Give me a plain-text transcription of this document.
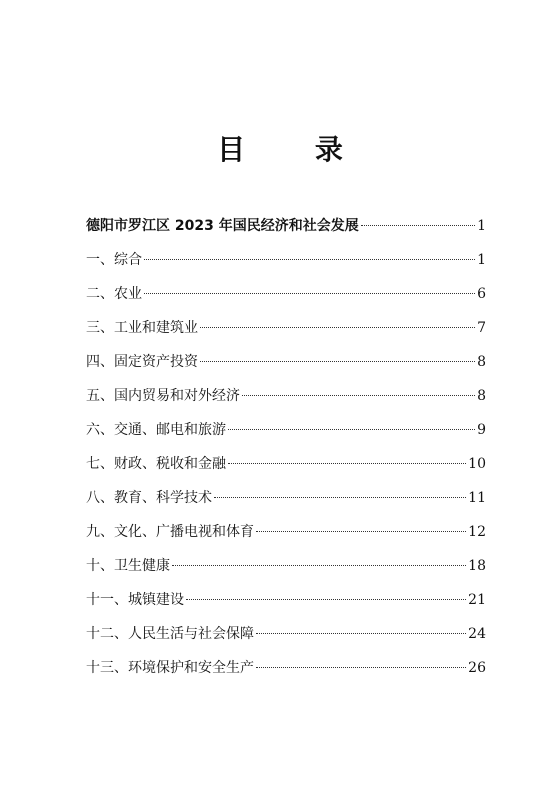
目 录
德阳市罗江区 2023 年国民经济和社会发展	1
一、综合	1
二、农业	6
三、工业和建筑业	7
四、固定资产投资	8
五、国内贸易和对外经济	8
六、交通、邮电和旅游	9
七、财政、税收和金融	10
八、教育、科学技术	11
九、文化、广播电视和体育	12
十、卫生健康	18
十一、城镇建设	21
十二、人民生活与社会保障	24
十三、环境保护和安全生产	26
